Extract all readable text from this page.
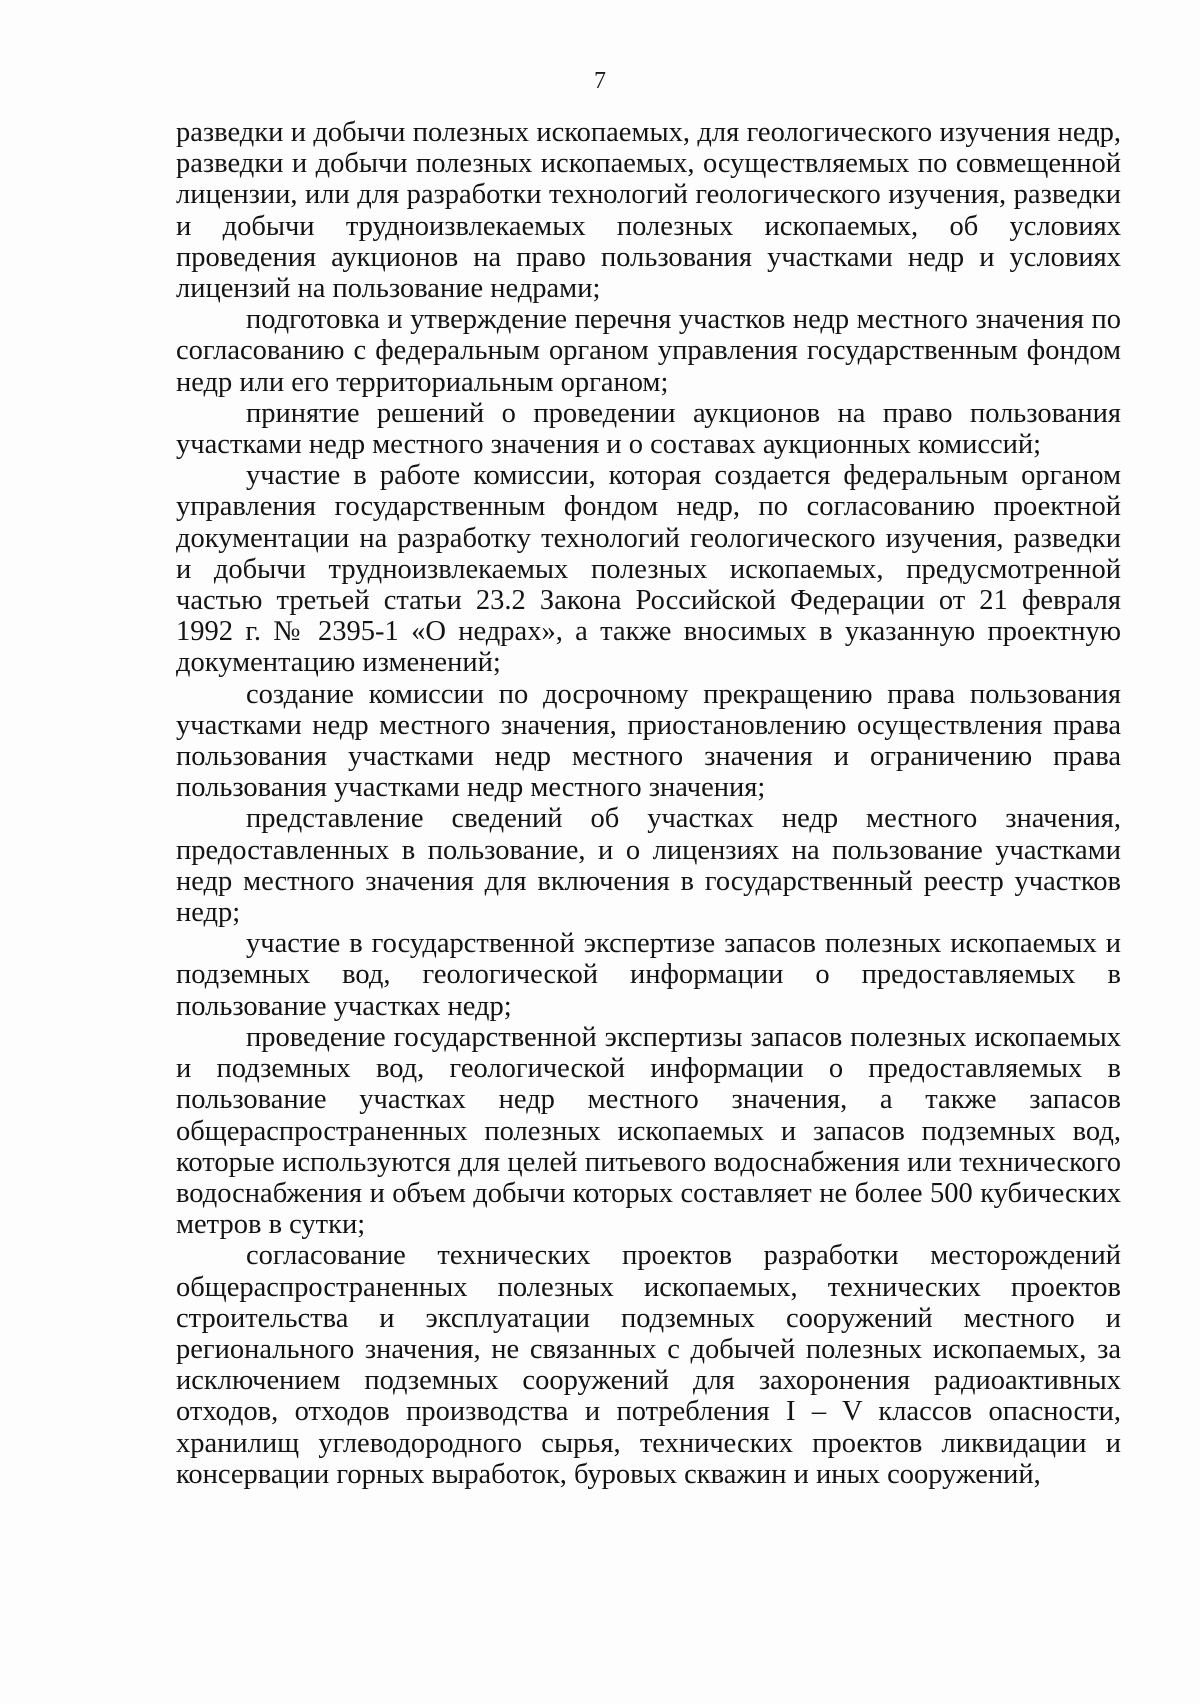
7

разведки и добычи полезных ископаемых, для геологического изучения недр, разведки и добычи полезных ископаемых, осуществляемых по совмещенной лицензии, или для разработки технологий геологического изучения, разведки и добычи трудноизвлекаемых полезных ископаемых, об условиях проведения аукционов на право пользования участками недр и условиях лицензий на пользование недрами;

подготовка и утверждение перечня участков недр местного значения по согласованию с федеральным органом управления государственным фондом недр или его территориальным органом;

принятие решений о проведении аукционов на право пользования участками недр местного значения и о составах аукционных комиссий;

участие в работе комиссии, которая создается федеральным органом управления государственным фондом недр, по согласованию проектной документации на разработку технологий геологического изучения, разведки и добычи трудноизвлекаемых полезных ископаемых, предусмотренной частью третьей статьи 23.2 Закона Российской Федерации от 21 февраля 1992 г. № 2395-1 «О недрах», а также вносимых в указанную проектную документацию изменений;

создание комиссии по досрочному прекращению права пользования участками недр местного значения, приостановлению осуществления права пользования участками недр местного значения и ограничению права пользования участками недр местного значения;

представление сведений об участках недр местного значения, предоставленных в пользование, и о лицензиях на пользование участками недр местного значения для включения в государственный реестр участков недр;

участие в государственной экспертизе запасов полезных ископаемых и подземных вод, геологической информации о предоставляемых в пользование участках недр;

проведение государственной экспертизы запасов полезных ископаемых и подземных вод, геологической информации о предоставляемых в пользование участках недр местного значения, а также запасов общераспространенных полезных ископаемых и запасов подземных вод, которые используются для целей питьевого водоснабжения или технического водоснабжения и объем добычи которых составляет не более 500 кубических метров в сутки;

согласование технических проектов разработки месторождений общераспространенных полезных ископаемых, технических проектов строительства и эксплуатации подземных сооружений местного и регионального значения, не связанных с добычей полезных ископаемых, за исключением подземных сооружений для захоронения радиоактивных отходов, отходов производства и потребления I – V классов опасности, хранилищ углеводородного сырья, технических проектов ликвидации и консервации горных выработок, буровых скважин и иных сооружений,
